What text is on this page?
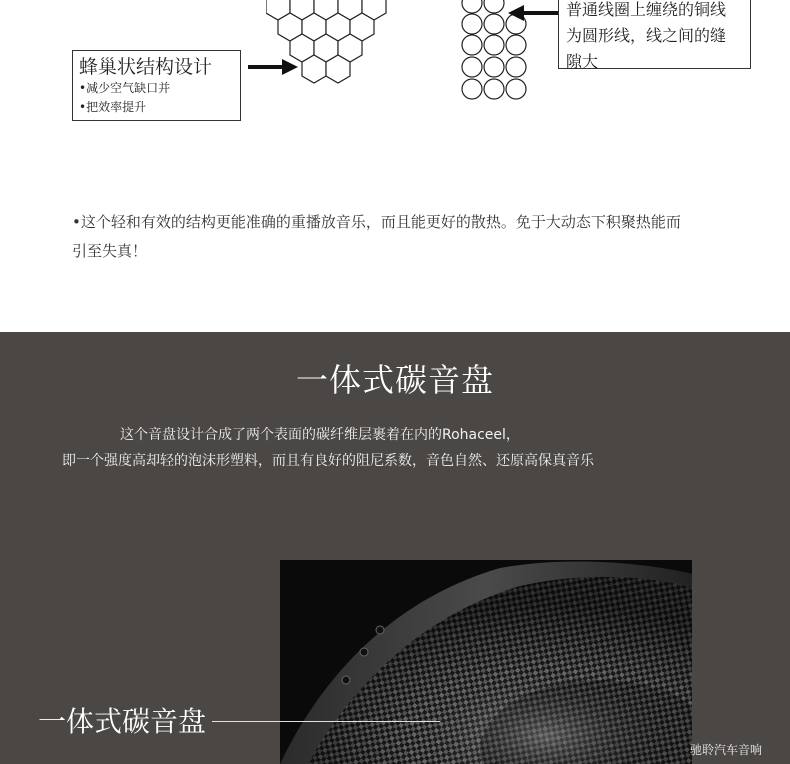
蜂巢状结构设计
•减少空气缺口并
•把效率提升
普通线圈上缠绕的铜线
为圆形线，线之间的缝
隙大
•这个轻和有效的结构更能准确的重播放音乐，而且能更好的散热。免于大动态下积聚热能而
引至失真！
一体式碳音盘
这个音盘设计合成了两个表面的碳纤维层裹着在内的Rohaceel，
即一个强度高却轻的泡沫形塑料，而且有良好的阻尼系数，音色自然、还原高保真音乐
一体式碳音盘
驰聆汽车音响
